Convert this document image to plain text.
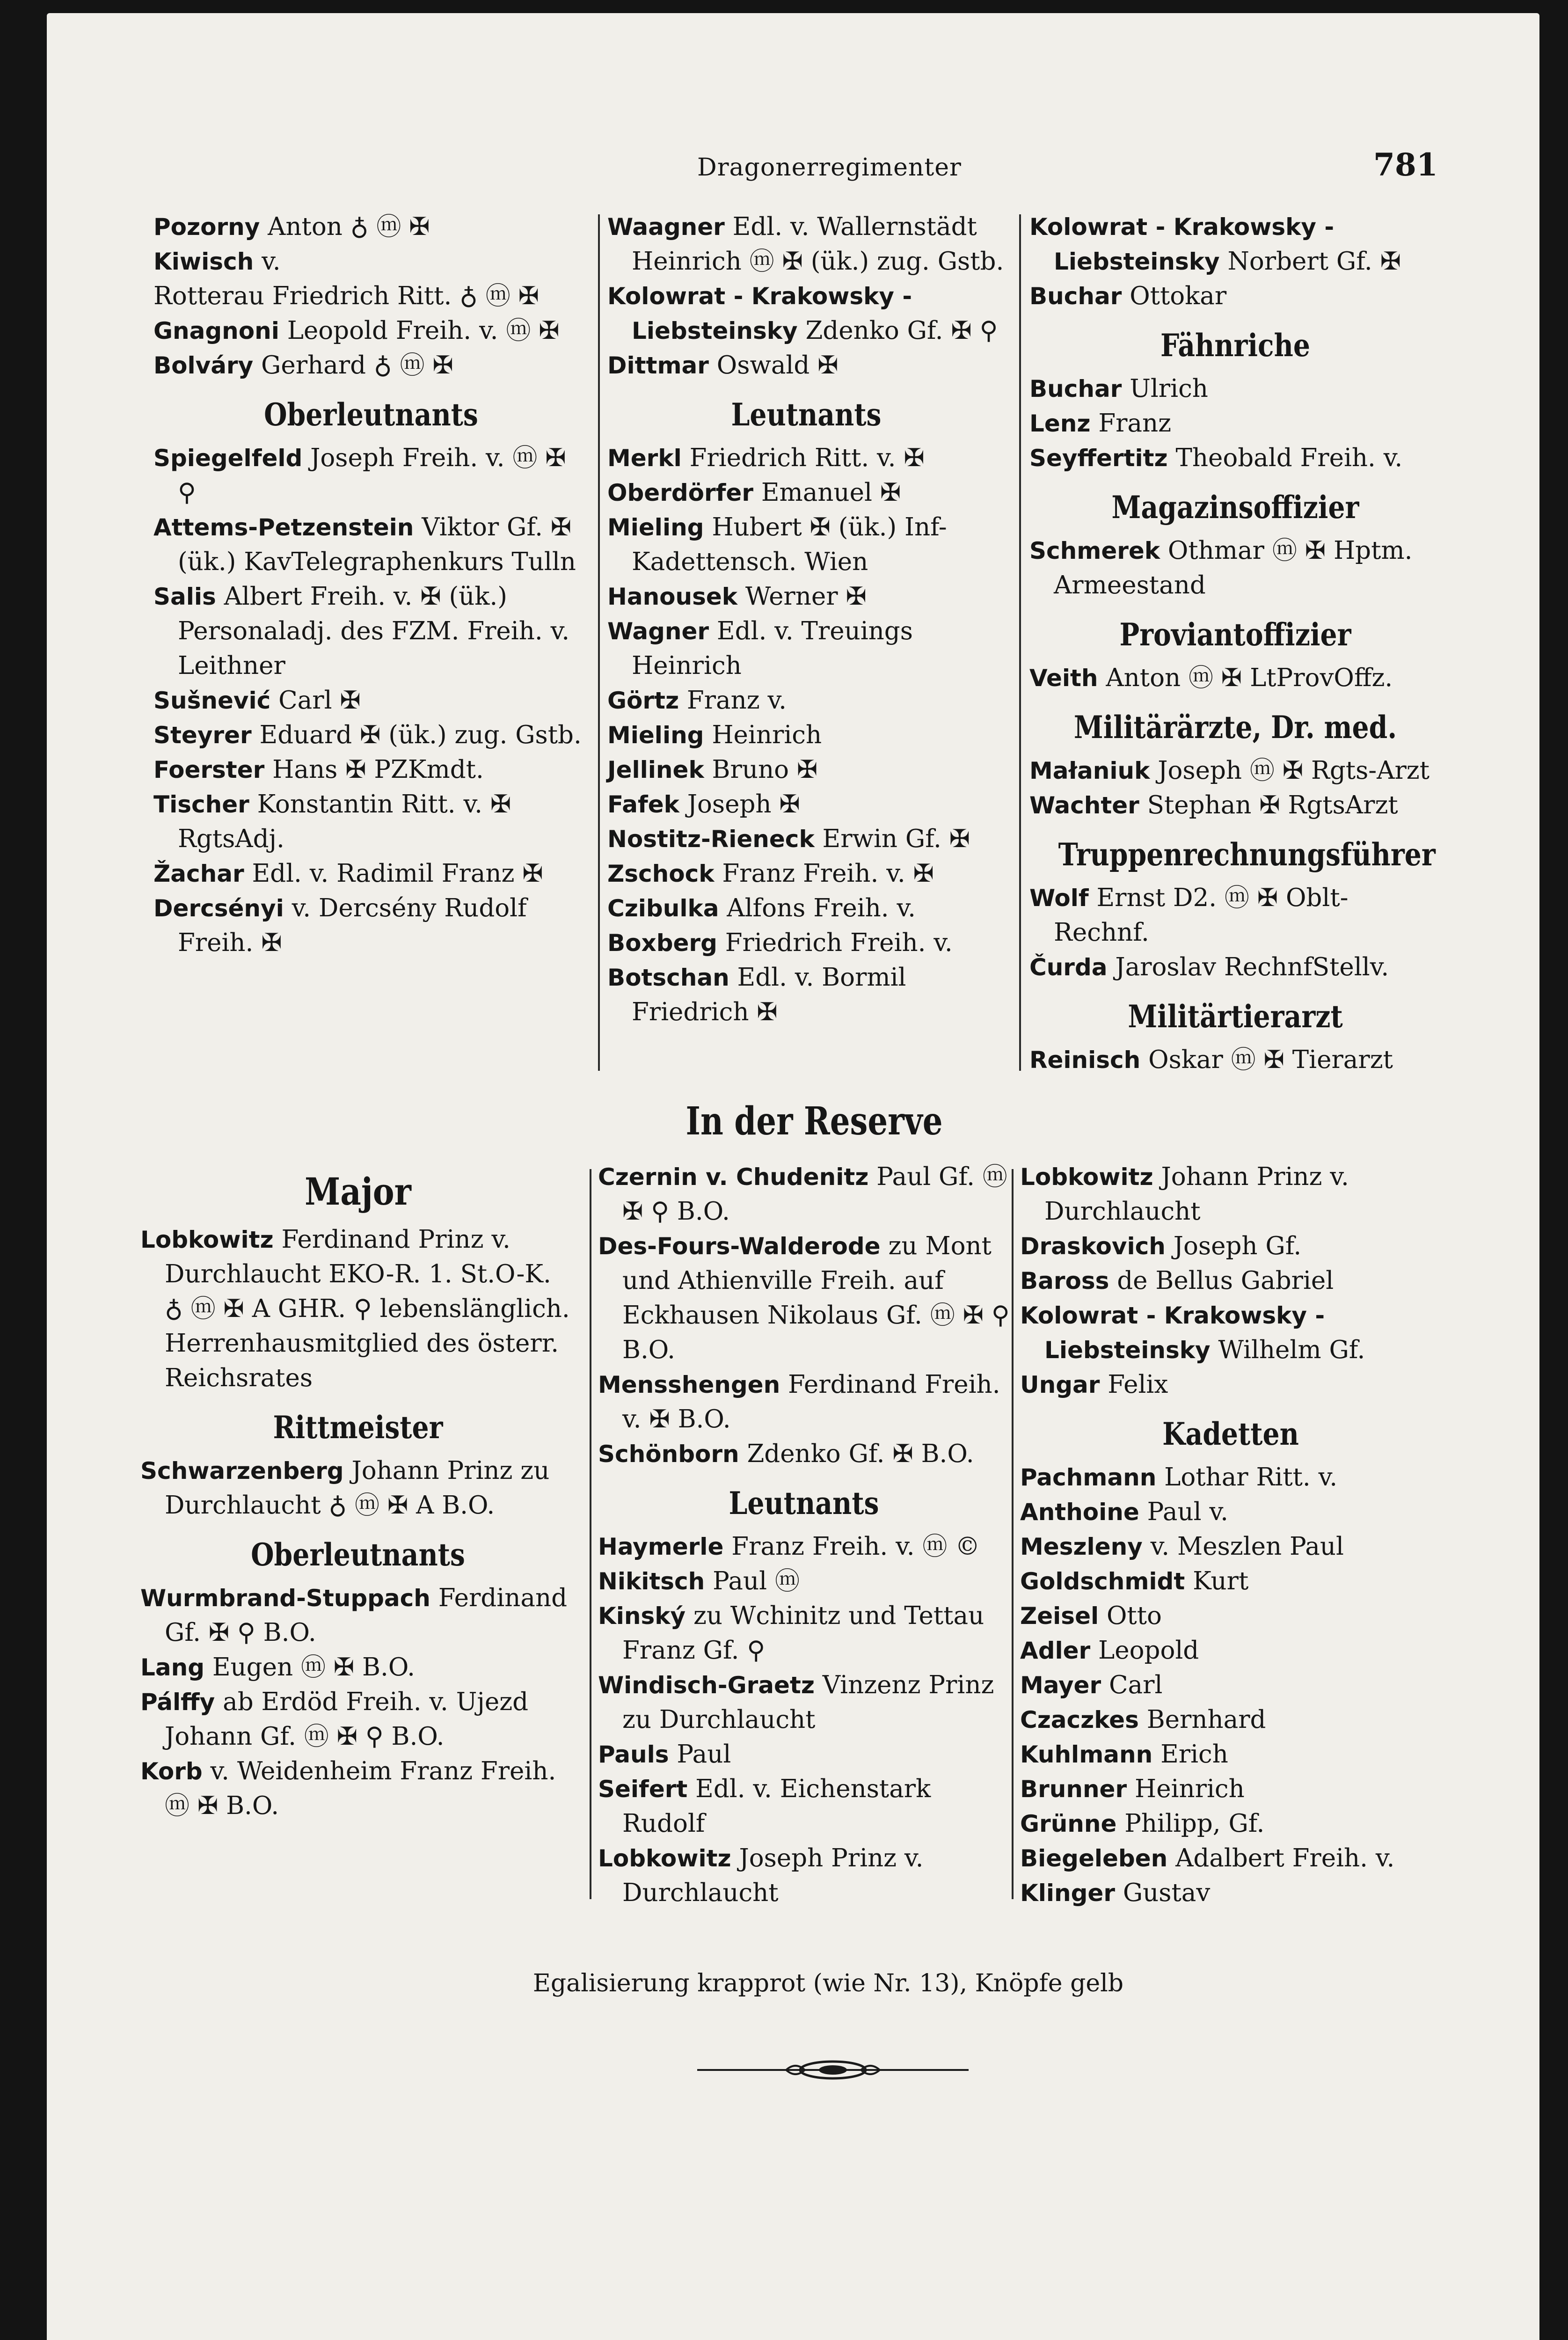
Dragonerregimenter	781
Pozorny Anton ♁ ⓜ ✠
Kiwisch v.
Rotterau Friedrich Ritt. ♁ ⓜ ✠
Gnagnoni Leopold Freih. v. ⓜ ✠
Bolváry Gerhard ♁ ⓜ ✠
Oberleutnants
Spiegelfeld Joseph Freih. v. ⓜ ✠ ⚲
Attems-Petzenstein Viktor Gf. ✠ (ük.) KavTelegraphenkurs Tulln
Salis Albert Freih. v. ✠ (ük.) Personaladj. des FZM. Freih. v. Leithner
Sušnević Carl ✠
Steyrer Eduard ✠ (ük.) zug. Gstb.
Foerster Hans ✠ PZKmdt.
Tischer Konstantin Ritt. v. ✠ RgtsAdj.
Žachar Edl. v. Radimil Franz ✠
Dercsényi v. Dercsény Rudolf Freih. ✠
Waagner Edl. v. Wallernstädt Heinrich ⓜ ✠ (ük.) zug. Gstb.
Kolowrat - Krakowsky - Liebsteinsky Zdenko Gf. ✠ ⚲
Dittmar Oswald ✠
Leutnants
Merkl Friedrich Ritt. v. ✠
Oberdörfer Emanuel ✠
Mieling Hubert ✠ (ük.) Inf-Kadettensch. Wien
Hanousek Werner ✠
Wagner Edl. v. Treuings Heinrich
Görtz Franz v.
Mieling Heinrich
Jellinek Bruno ✠
Fafek Joseph ✠
Nostitz-Rieneck Erwin Gf. ✠
Zschock Franz Freih. v. ✠
Czibulka Alfons Freih. v.
Boxberg Friedrich Freih. v.
Botschan Edl. v. Bormil Friedrich ✠
Kolowrat - Krakowsky - Liebsteinsky Norbert Gf. ✠
Buchar Ottokar
Fähnriche
Buchar Ulrich
Lenz Franz
Seyffertitz Theobald Freih. v.
Magazinsoffizier
Schmerek Othmar ⓜ ✠ Hptm. Armeestand
Proviantoffizier
Veith Anton ⓜ ✠ LtProvOffz.
Militärärzte, Dr. med.
Małaniuk Joseph ⓜ ✠ Rgts-Arzt
Wachter Stephan ✠ RgtsArzt
Truppenrechnungsführer
Wolf Ernst D2. ⓜ ✠ Oblt-Rechnf.
Čurda Jaroslav RechnfStellv.
Militärtierarzt
Reinisch Oskar ⓜ ✠ Tierarzt
In der Reserve
Major
Lobkowitz Ferdinand Prinz v. Durchlaucht EKO-R. 1. St.O-K. ♁ ⓜ ✠ A GHR. ⚲ lebenslänglich. Herrenhausmitglied des österr. Reichsrates
Rittmeister
Schwarzenberg Johann Prinz zu Durchlaucht ♁ ⓜ ✠ A B.O.
Oberleutnants
Wurmbrand-Stuppach Ferdinand Gf. ✠ ⚲ B.O.
Lang Eugen ⓜ ✠ B.O.
Pálffy ab Erdöd Freih. v. Ujezd Johann Gf. ⓜ ✠ ⚲ B.O.
Korb v. Weidenheim Franz Freih. ⓜ ✠ B.O.
Czernin v. Chudenitz Paul Gf. ⓜ ✠ ⚲ B.O.
Des-Fours-Walderode zu Mont und Athienville Freih. auf Eckhausen Nikolaus Gf. ⓜ ✠ ⚲ B.O.
Mensshengen Ferdinand Freih. v. ✠ B.O.
Schönborn Zdenko Gf. ✠ B.O.
Leutnants
Haymerle Franz Freih. v. ⓜ ©
Nikitsch Paul ⓜ
Kinský zu Wchinitz und Tettau Franz Gf. ⚲
Windisch-Graetz Vinzenz Prinz zu Durchlaucht
Pauls Paul
Seifert Edl. v. Eichenstark Rudolf
Lobkowitz Joseph Prinz v. Durchlaucht
Lobkowitz Johann Prinz v. Durchlaucht
Draskovich Joseph Gf.
Baross de Bellus Gabriel
Kolowrat - Krakowsky - Liebsteinsky Wilhelm Gf.
Ungar Felix
Kadetten
Pachmann Lothar Ritt. v.
Anthoine Paul v.
Meszleny v. Meszlen Paul
Goldschmidt Kurt
Zeisel Otto
Adler Leopold
Mayer Carl
Czaczkes Bernhard
Kuhlmann Erich
Brunner Heinrich
Grünne Philipp, Gf.
Biegeleben Adalbert Freih. v.
Klinger Gustav
Egalisierung krapprot (wie Nr. 13), Knöpfe gelb
